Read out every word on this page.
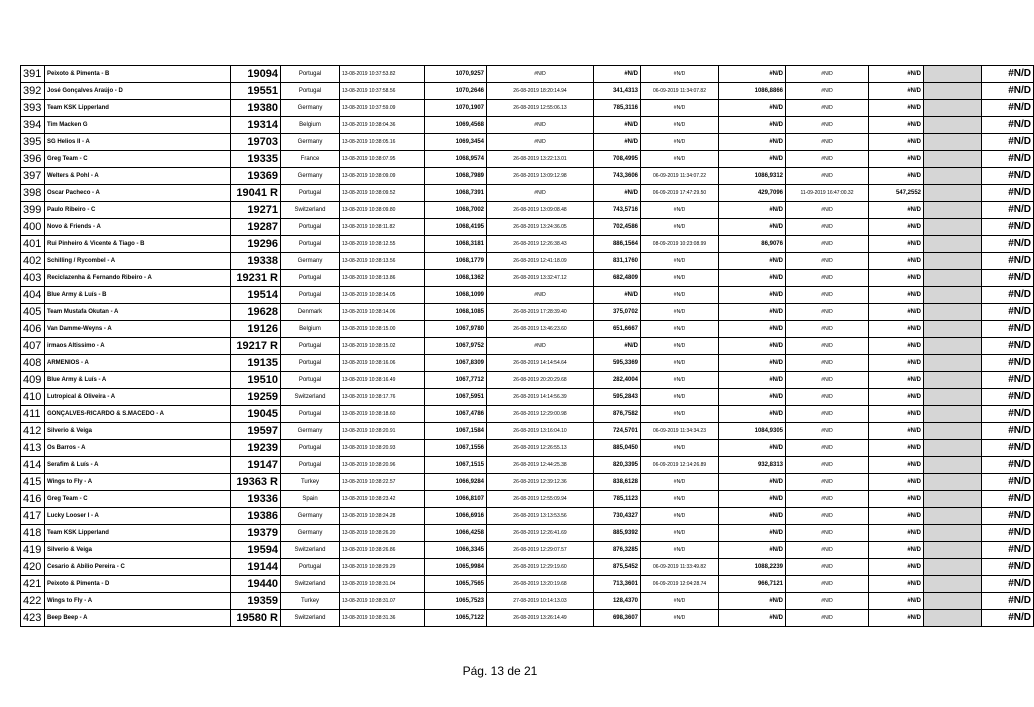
391	Peixoto & Pimenta - B	19094	Portugal	13-08-2019 10:37:53.82	1070,9257	#N/D	#N/D	#N/D	#N/D	#N/D	#N/D		#N/D
392	José Gonçalves Araújo - D	19551	Portugal	13-08-2019 10:37:58.56	1070,2646	26-08-2019 18:20:14.94	341,4313	06-09-2019 11:34:07.82	1086,8866	#N/D	#N/D		#N/D
393	Team KSK Lipperland	19380	Germany	13-08-2019 10:37:59.09	1070,1907	26-08-2019 12:55:06.13	785,3116	#N/D	#N/D	#N/D	#N/D		#N/D
394	Tim Macken G	19314	Belgium	13-08-2019 10:38:04.36	1069,4568	#N/D	#N/D	#N/D	#N/D	#N/D	#N/D		#N/D
395	SG Helios II - A	19703	Germany	13-08-2019 10:38:05.16	1069,3454	#N/D	#N/D	#N/D	#N/D	#N/D	#N/D		#N/D
396	Greg Team - C	19335	France	13-08-2019 10:38:07.95	1068,9574	26-08-2019 13:22:13.01	708,4995	#N/D	#N/D	#N/D	#N/D		#N/D
397	Welters & Pohl - A	19369	Germany	13-08-2019 10:38:09.09	1068,7989	26-08-2019 13:09:12.98	743,3606	06-09-2019 11:34:07.22	1086,9312	#N/D	#N/D		#N/D
398	Oscar Pacheco - A	19041 R	Portugal	13-08-2019 10:38:09.52	1068,7391	#N/D	#N/D	06-09-2019 17:47:29.50	429,7096	11-09-2019 16:47:00.32	547,2552		#N/D
399	Paulo Ribeiro - C	19271	Switzerland	13-08-2019 10:38:09.80	1068,7002	26-08-2019 13:09:08.48	743,5716	#N/D	#N/D	#N/D	#N/D		#N/D
400	Novo & Friends - A	19287	Portugal	13-08-2019 10:38:11.82	1068,4195	26-08-2019 13:24:36.05	702,4586	#N/D	#N/D	#N/D	#N/D		#N/D
401	Rui Pinheiro & Vicente & Tiago - B	19296	Portugal	13-08-2019 10:38:12.55	1068,3181	26-08-2019 12:26:38.43	886,1564	08-09-2019 10:23:08.99	86,9076	#N/D	#N/D		#N/D
402	Schilling / Rycombel - A	19338	Germany	13-08-2019 10:38:13.56	1068,1779	26-08-2019 12:41:18.09	831,1760	#N/D	#N/D	#N/D	#N/D		#N/D
403	Reciclazenha & Fernando Ribeiro - A	19231 R	Portugal	13-08-2019 10:38:13.86	1068,1362	26-08-2019 13:32:47.12	682,4809	#N/D	#N/D	#N/D	#N/D		#N/D
404	Blue Army & Luís - B	19514	Portugal	13-08-2019 10:38:14.05	1068,1099	#N/D	#N/D	#N/D	#N/D	#N/D	#N/D		#N/D
405	Team Mustafa Okutan - A	19628	Denmark	13-08-2019 10:38:14.06	1068,1085	26-08-2019 17:28:39.40	375,0702	#N/D	#N/D	#N/D	#N/D		#N/D
406	Van Damme-Weyns - A	19126	Belgium	13-08-2019 10:38:15.00	1067,9780	26-08-2019 13:46:23.60	651,6667	#N/D	#N/D	#N/D	#N/D		#N/D
407	irmaos Altissimo - A	19217 R	Portugal	13-08-2019 10:38:15.02	1067,9752	#N/D	#N/D	#N/D	#N/D	#N/D	#N/D		#N/D
408	ARMENIOS - A	19135	Portugal	13-08-2019 10:38:16.06	1067,8309	26-08-2019 14:14:54.64	595,3369	#N/D	#N/D	#N/D	#N/D		#N/D
409	Blue Army & Luís - A	19510	Portugal	13-08-2019 10:38:16.49	1067,7712	26-08-2019 20:20:29.68	282,4004	#N/D	#N/D	#N/D	#N/D		#N/D
410	Lutropical & Oliveira - A	19259	Switzerland	13-08-2019 10:38:17.76	1067,5951	26-08-2019 14:14:56.39	595,2843	#N/D	#N/D	#N/D	#N/D		#N/D
411	GONÇALVES-RICARDO & S.MACEDO - A	19045	Portugal	13-08-2019 10:38:18.60	1067,4786	26-08-2019 12:29:00.98	876,7582	#N/D	#N/D	#N/D	#N/D		#N/D
412	Silverio & Veiga	19597	Germany	13-08-2019 10:38:20.91	1067,1584	26-08-2019 13:16:04.10	724,5701	06-09-2019 11:34:34.23	1084,9305	#N/D	#N/D		#N/D
413	Os Barros - A	19239	Portugal	13-08-2019 10:38:20.93	1067,1556	26-08-2019 12:26:55.13	885,0450	#N/D	#N/D	#N/D	#N/D		#N/D
414	Serafim & Luís - A	19147	Portugal	13-08-2019 10:38:20.96	1067,1515	26-08-2019 12:44:25.38	820,3395	06-09-2019 12:14:26.89	932,8313	#N/D	#N/D		#N/D
415	Wings to Fly - A	19363 R	Turkey	13-08-2019 10:38:22.57	1066,9284	26-08-2019 12:39:12.36	838,6128	#N/D	#N/D	#N/D	#N/D		#N/D
416	Greg Team - C	19336	Spain	13-08-2019 10:38:23.42	1066,8107	26-08-2019 12:55:09.94	785,1123	#N/D	#N/D	#N/D	#N/D		#N/D
417	Lucky Looser I - A	19386	Germany	13-08-2019 10:38:24.28	1066,6916	26-08-2019 13:13:53.56	730,4327	#N/D	#N/D	#N/D	#N/D		#N/D
418	Team KSK Lipperland	19379	Germany	13-08-2019 10:38:26.20	1066,4258	26-08-2019 12:26:41.69	885,9392	#N/D	#N/D	#N/D	#N/D		#N/D
419	Silverio & Veiga	19594	Switzerland	13-08-2019 10:38:26.86	1066,3345	26-08-2019 12:29:07.57	876,3285	#N/D	#N/D	#N/D	#N/D		#N/D
420	Cesario & Abilio Pereira - C	19144	Portugal	13-08-2019 10:38:29.29	1065,9984	26-08-2019 12:29:19.60	875,5452	06-09-2019 11:33:49.82	1088,2239	#N/D	#N/D		#N/D
421	Peixoto & Pimenta - D	19440	Switzerland	13-08-2019 10:38:31.04	1065,7565	26-08-2019 13:20:19.68	713,3601	06-09-2019 12:04:28.74	966,7121	#N/D	#N/D		#N/D
422	Wings to Fly - A	19359	Turkey	13-08-2019 10:38:31.07	1065,7523	27-08-2019 10:14:13.03	128,4370	#N/D	#N/D	#N/D	#N/D		#N/D
423	Beep Beep - A	19580 R	Switzerland	13-08-2019 10:38:31.36	1065,7122	26-08-2019 13:26:14.49	698,3607	#N/D	#N/D	#N/D	#N/D		#N/D
Pág. 13 de 21
